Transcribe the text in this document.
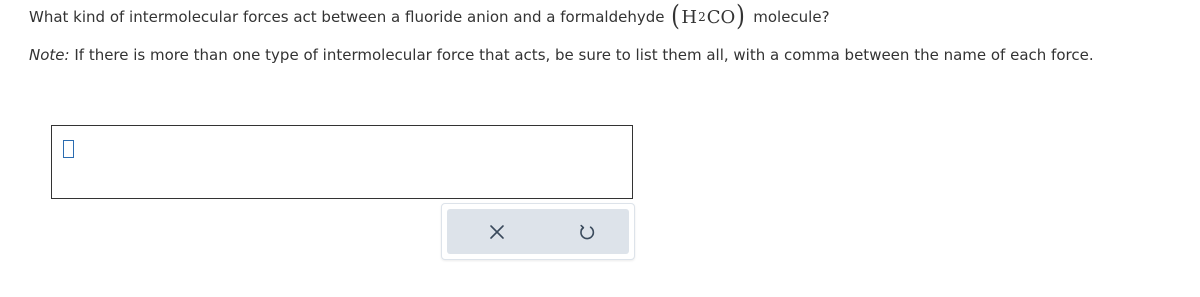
What kind of intermolecular forces act between a fluoride anion and a formaldehyde ( H 2 CO ) molecule?
Note: If there is more than one type of intermolecular force that acts, be sure to list them all, with a comma between the name of each force.
